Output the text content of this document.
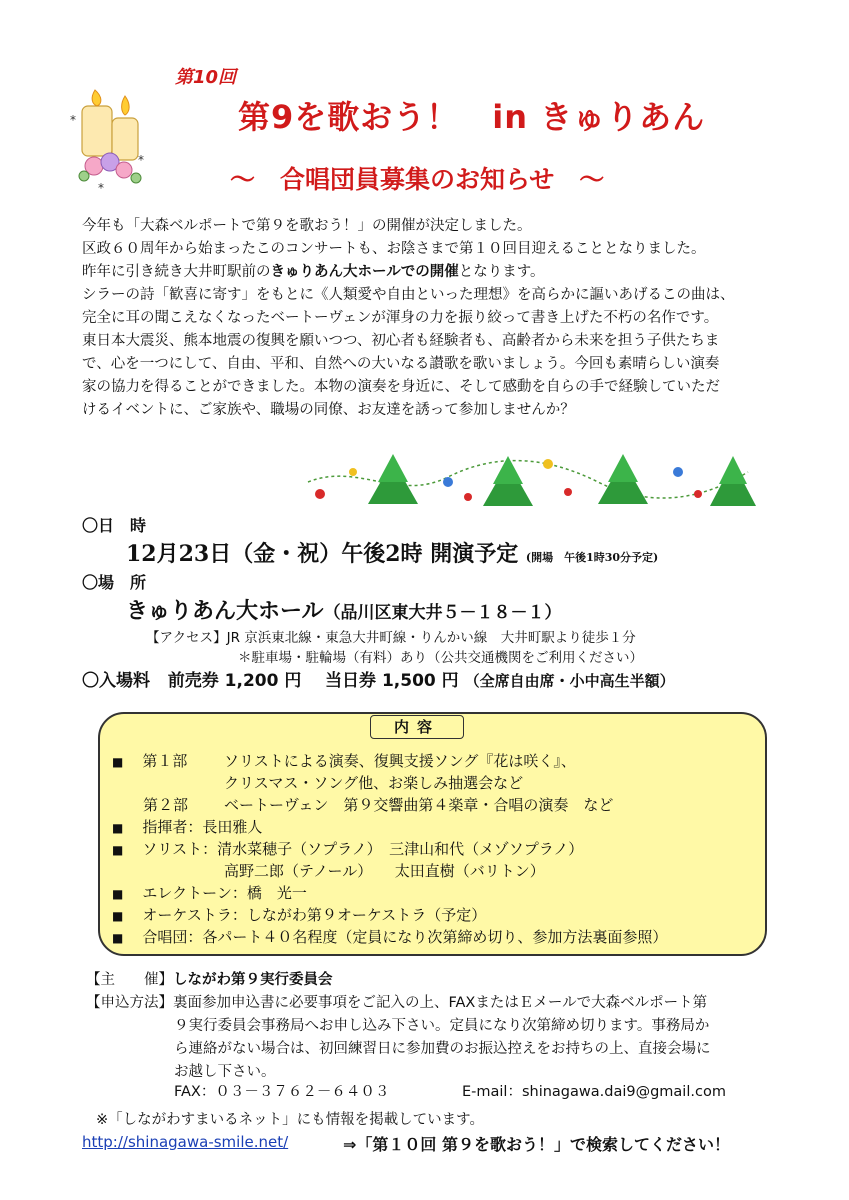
*
*
*
第10回
第9を歌おう！　in きゅりあん
～　合唱団員募集のお知らせ　～

今年も「大森ベルポートで第９を歌おう！」の開催が決定しました。

区政６０周年から始まったこのコンサートも、お陰さまで第１０回目迎えることとなりました。

昨年に引き続き大井町駅前のきゅりあん大ホールでの開催となります。

シラーの詩「歓喜に寄す」をもとに《人類愛や自由といった理想》を高らかに謳いあげるこの曲は、

完全に耳の聞こえなくなったベートーヴェンが渾身の力を振り絞って書き上げた不朽の名作です。

東日本大震災、熊本地震の復興を願いつつ、初心者も経験者も、高齢者から未来を担う子供たちま

で、心を一つにして、自由、平和、自然への大いなる讃歌を歌いましょう。今回も素晴らしい演奏

家の協力を得ることができました。本物の演奏を身近に、そして感動を自らの手で経験していただ

けるイベントに、ご家族や、職場の同僚、お友達を誘って参加しませんか？

〇日　時
12月23日（金・祝）午後2時 開演予定 (開場　午後1時30分予定)
〇場　所
きゅりあん大ホール（品川区東大井５－１８－１）
【アクセス】JR 京浜東北線・東急大井町線・りんかい線　大井町駅より徒歩１分
＊駐車場・駐輪場（有料）あり（公共交通機関をご利用ください）
〇入場料 前売券 1,200 円 当日券 1,500 円 （全席自由席・小中高生半額）
内容
■ 第１部 ソリストによる演奏、復興支援ソング『花は咲く』、
クリスマス・ソング他、お楽しみ抽選会など
第２部 ベートーヴェン　第９交響曲第４楽章・合唱の演奏　など
■ 指揮者：長田雅人
■ ソリスト：清水菜穂子（ソプラノ）　三津山和代（メゾソプラノ）
高野二郎（テノール）　　太田直樹（バリトン）
■ エレクトーン：橋　光一
■ オーケストラ：しながわ第９オーケストラ（予定）
■ 合唱団：各パート４０名程度（定員になり次第締め切り、参加方法裏面参照）
【主　　催】しながわ第９実行委員会
【申込方法】裏面参加申込書に必要事項をご記入の上、FAXまたはＥメールで大森ベルポート第
９実行委員会事務局へお申し込み下さい。定員になり次第締め切ります。事務局か
ら連絡がない場合は、初回練習日に参加費のお振込控えをお持ちの上、直接会場に
お越し下さい。
FAX：０３－３７６２－６４０３	E-mail：shinagawa.dai9@gmail.com
※「しながわすまいるネット」にも情報を掲載しています。
http://shinagawa-smile.net/	⇒「第１０回 第９を歌おう！」で検索してください！
